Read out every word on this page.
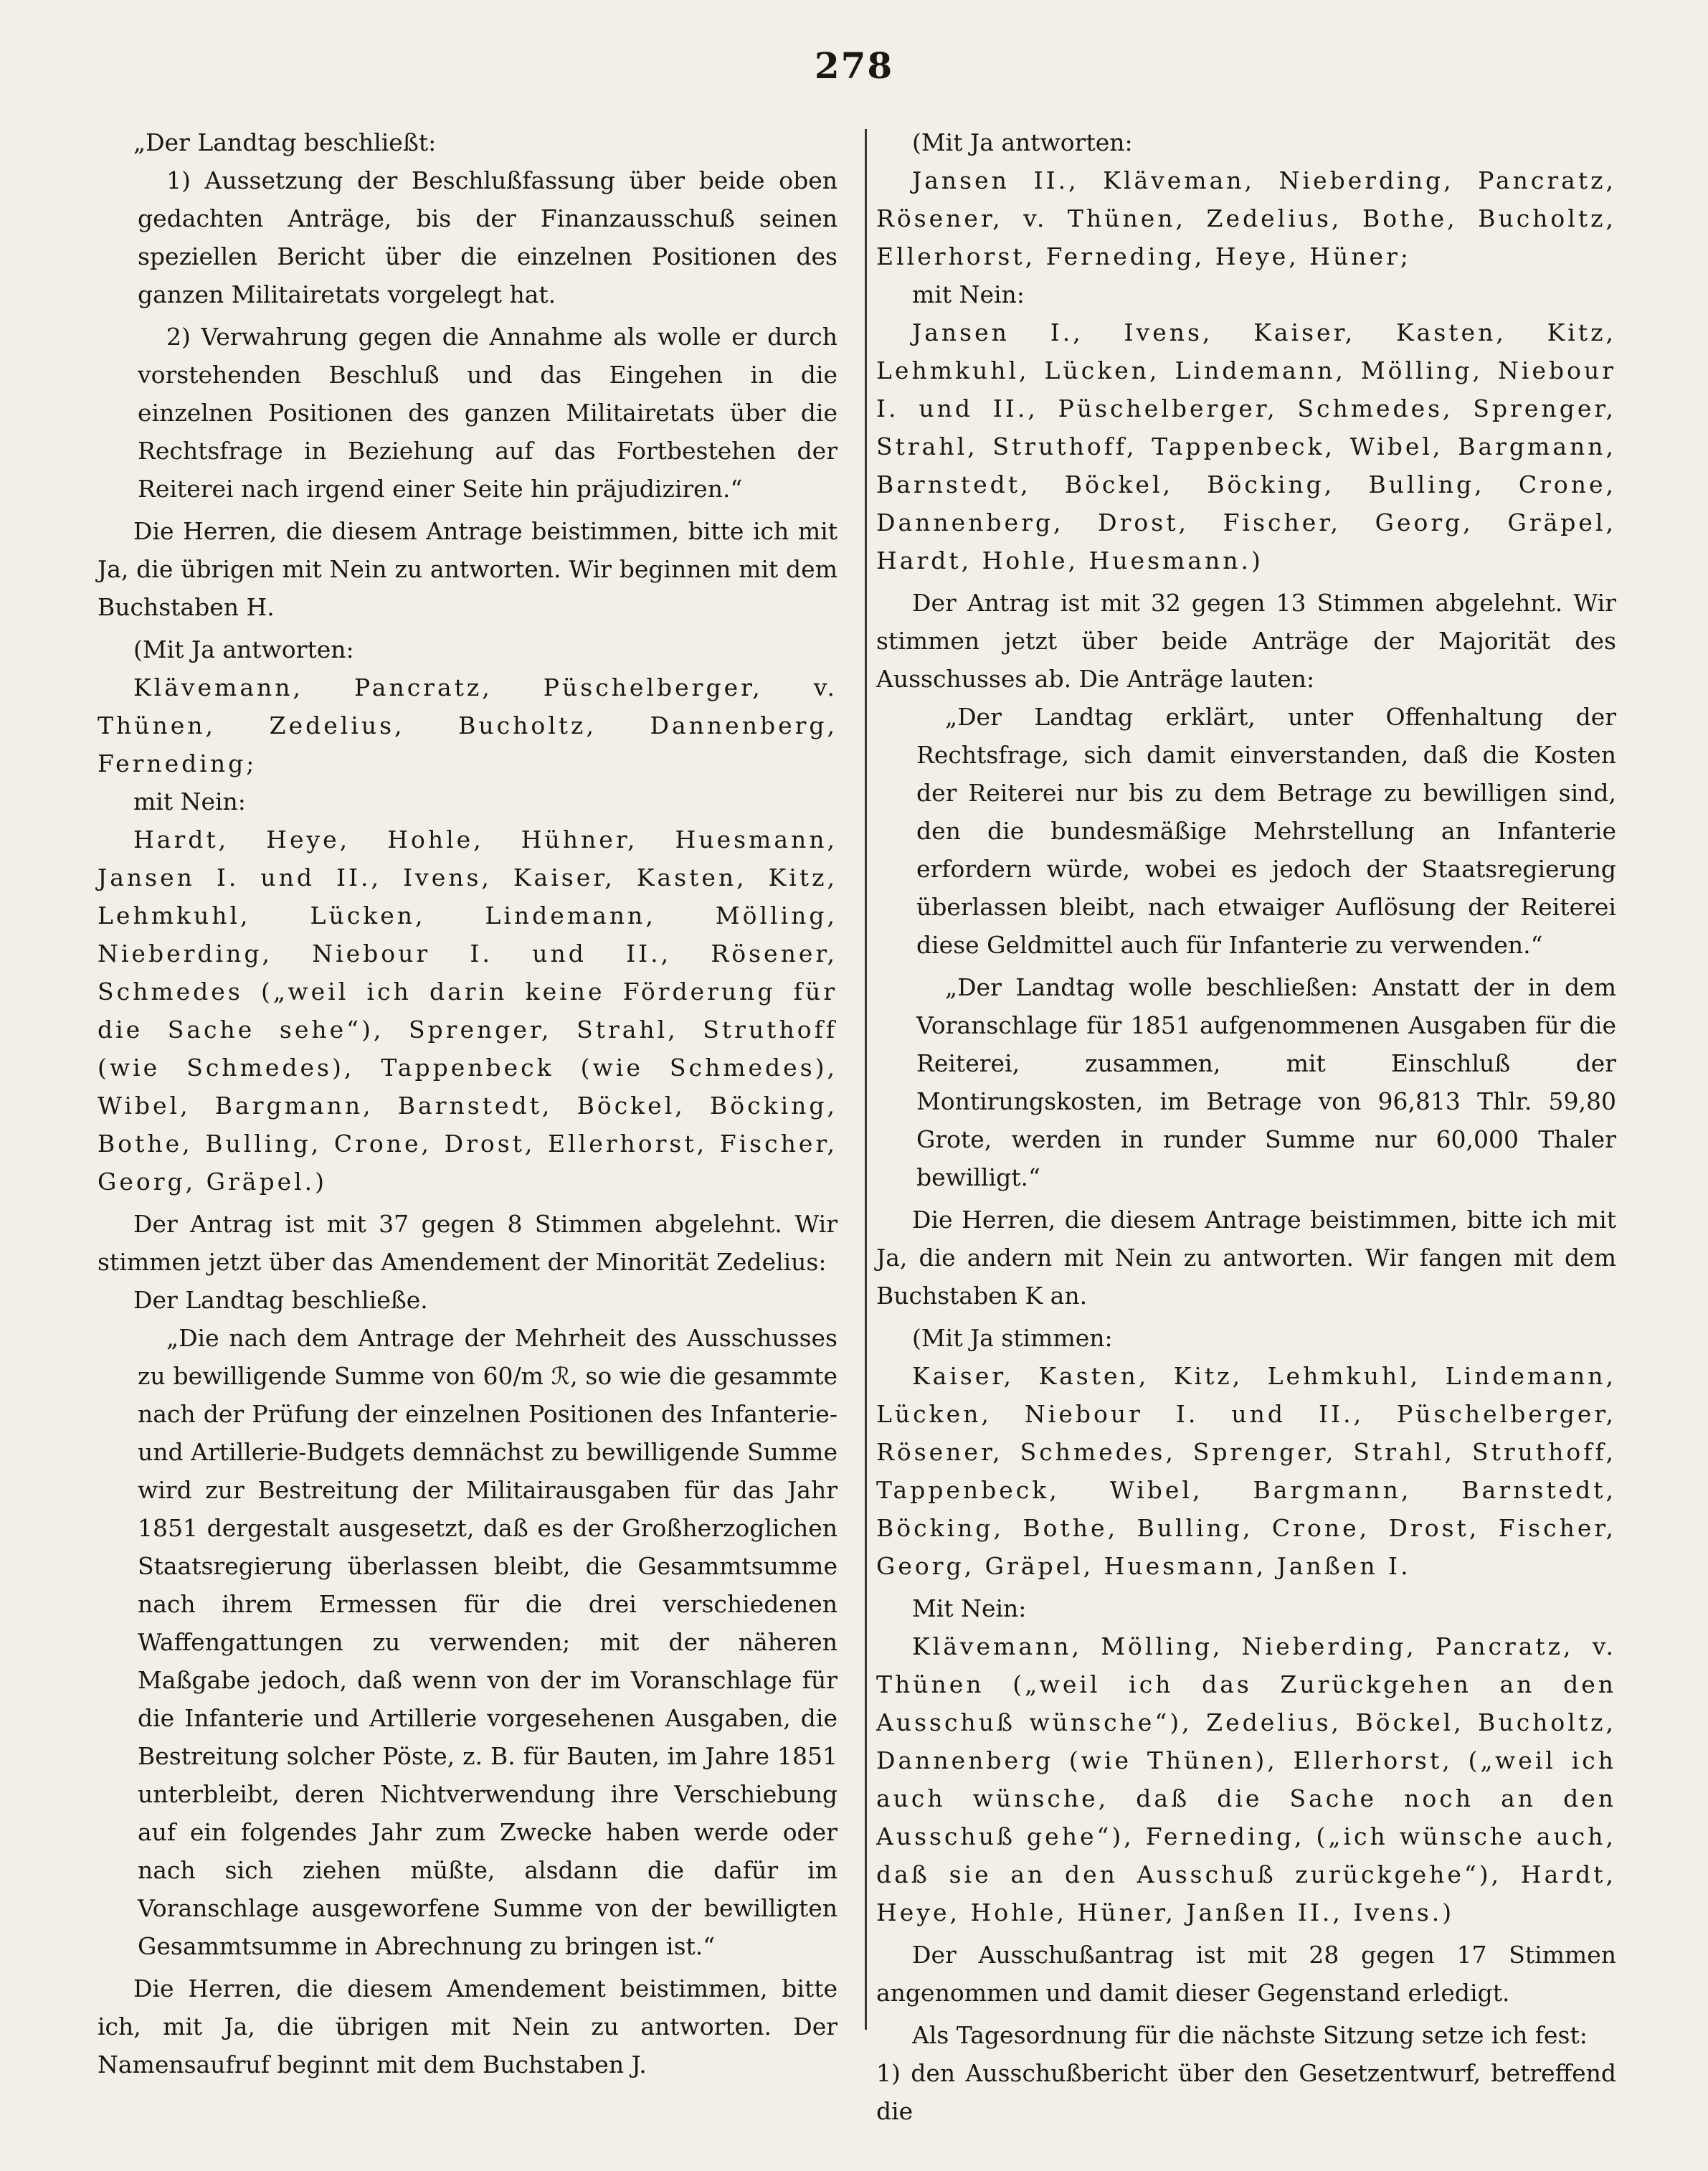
278

„Der Landtag beschließt:

1) Aussetzung der Beschlußfassung über beide oben gedachten Anträge, bis der Finanzausschuß seinen speziellen Bericht über die einzelnen Positionen des ganzen Militairetats vorgelegt hat.

2) Verwahrung gegen die Annahme als wolle er durch vorstehenden Beschluß und das Eingehen in die einzelnen Positionen des ganzen Militairetats über die Rechtsfrage in Beziehung auf das Fortbestehen der Reiterei nach irgend einer Seite hin präjudiziren.“

Die Herren, die diesem Antrage beistimmen, bitte ich mit Ja, die übrigen mit Nein zu antworten. Wir beginnen mit dem Buchstaben H.

(Mit Ja antworten:

Klävemann, Pancratz, Püschelberger, v. Thünen, Zedelius, Bucholtz, Dannenberg, Ferneding;

mit Nein:

Hardt, Heye, Hohle, Hühner, Huesmann, Jansen I. und II., Ivens, Kaiser, Kasten, Kitz, Lehmkuhl, Lücken, Lindemann, Mölling, Nieberding, Niebour I. und II., Rösener, Schmedes („weil ich darin keine Förderung für die Sache sehe“), Sprenger, Strahl, Struthoff (wie Schmedes), Tappenbeck (wie Schmedes), Wibel, Bargmann, Barnstedt, Böckel, Böcking, Bothe, Bulling, Crone, Drost, Ellerhorst, Fischer, Georg, Gräpel.)

Der Antrag ist mit 37 gegen 8 Stimmen abgelehnt. Wir stimmen jetzt über das Amendement der Minorität Zedelius:

Der Landtag beschließe.

„Die nach dem Antrage der Mehrheit des Ausschusses zu bewilligende Summe von 60/m ℛ, so wie die gesammte nach der Prüfung der einzelnen Positionen des Infanterie- und Artillerie-Budgets demnächst zu bewilligende Summe wird zur Bestreitung der Militairausgaben für das Jahr 1851 dergestalt ausgesetzt, daß es der Großherzoglichen Staatsregierung überlassen bleibt, die Gesammtsumme nach ihrem Ermessen für die drei verschiedenen Waffengattungen zu verwenden; mit der näheren Maßgabe jedoch, daß wenn von der im Voranschlage für die Infanterie und Artillerie vorgesehenen Ausgaben, die Bestreitung solcher Pöste, z. B. für Bauten, im Jahre 1851 unterbleibt, deren Nichtverwendung ihre Verschiebung auf ein folgendes Jahr zum Zwecke haben werde oder nach sich ziehen müßte, alsdann die dafür im Voranschlage ausgeworfene Summe von der bewilligten Gesammtsumme in Abrechnung zu bringen ist.“

Die Herren, die diesem Amendement beistimmen, bitte ich, mit Ja, die übrigen mit Nein zu antworten. Der Namensaufruf beginnt mit dem Buchstaben J.

(Mit Ja antworten:

Jansen II., Kläveman, Nieberding, Pancratz, Rösener, v. Thünen, Zedelius, Bothe, Bucholtz, Ellerhorst, Ferneding, Heye, Hüner;

mit Nein:

Jansen I., Ivens, Kaiser, Kasten, Kitz, Lehmkuhl, Lücken, Lindemann, Mölling, Niebour I. und II., Püschelberger, Schmedes, Sprenger, Strahl, Struthoff, Tappenbeck, Wibel, Bargmann, Barnstedt, Böckel, Böcking, Bulling, Crone, Dannenberg, Drost, Fischer, Georg, Gräpel, Hardt, Hohle, Huesmann.)

Der Antrag ist mit 32 gegen 13 Stimmen abgelehnt. Wir stimmen jetzt über beide Anträge der Majorität des Ausschusses ab. Die Anträge lauten:

„Der Landtag erklärt, unter Offenhaltung der Rechtsfrage, sich damit einverstanden, daß die Kosten der Reiterei nur bis zu dem Betrage zu bewilligen sind, den die bundesmäßige Mehrstellung an Infanterie erfordern würde, wobei es jedoch der Staatsregierung überlassen bleibt, nach etwaiger Auflösung der Reiterei diese Geldmittel auch für Infanterie zu verwenden.“

„Der Landtag wolle beschließen: Anstatt der in dem Voranschlage für 1851 aufgenommenen Ausgaben für die Reiterei, zusammen, mit Einschluß der Montirungskosten, im Betrage von 96,813 Thlr. 59,80 Grote, werden in runder Summe nur 60,000 Thaler bewilligt.“

Die Herren, die diesem Antrage beistimmen, bitte ich mit Ja, die andern mit Nein zu antworten. Wir fangen mit dem Buchstaben K an.

(Mit Ja stimmen:

Kaiser, Kasten, Kitz, Lehmkuhl, Lindemann, Lücken, Niebour I. und II., Püschelberger, Rösener, Schmedes, Sprenger, Strahl, Struthoff, Tappenbeck, Wibel, Bargmann, Barnstedt, Böcking, Bothe, Bulling, Crone, Drost, Fischer, Georg, Gräpel, Huesmann, Janßen I.

Mit Nein:

Klävemann, Mölling, Nieberding, Pancratz, v. Thünen („weil ich das Zurückgehen an den Ausschuß wünsche“), Zedelius, Böckel, Bucholtz, Dannenberg (wie Thünen), Ellerhorst, („weil ich auch wünsche, daß die Sache noch an den Ausschuß gehe“), Ferneding, („ich wünsche auch, daß sie an den Ausschuß zurückgehe“), Hardt, Heye, Hohle, Hüner, Janßen II., Ivens.)

Der Ausschußantrag ist mit 28 gegen 17 Stimmen angenommen und damit dieser Gegenstand erledigt.

Als Tagesordnung für die nächste Sitzung setze ich fest:

1) den Ausschußbericht über den Gesetzentwurf, betreffend die
